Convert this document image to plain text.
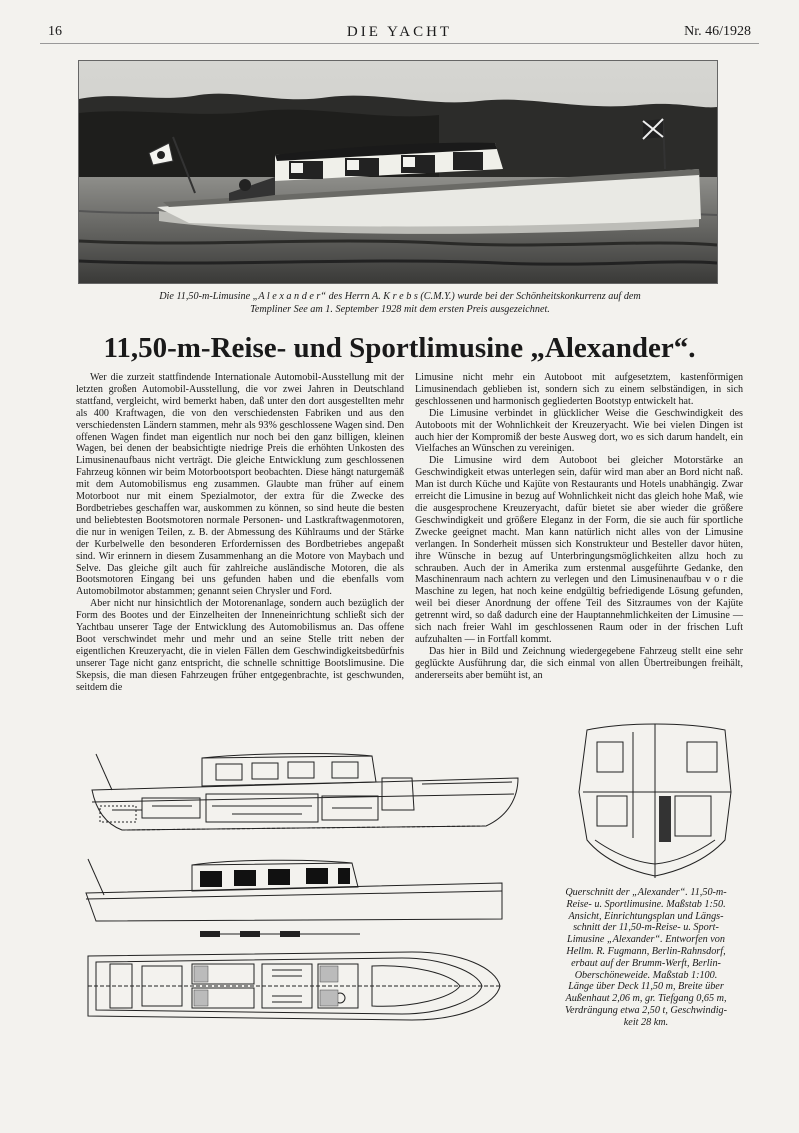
16	DIE YACHT	Nr. 46/1928
Die 11,50-m-Limusine „A l e x a n d e r“ des Herrn A. K r e b s (C.M.Y.) wurde bei der Schönheitskonkurrenz auf dem
Templiner See am 1. September 1928 mit dem ersten Preis ausgezeichnet.
11,50-m-Reise- und Sportlimusine „Alexander“.

Wer die zurzeit stattfindende Internationale Automobil-Ausstellung mit der letzten großen Automobil-Ausstellung, die vor zwei Jahren in Deutschland stattfand, vergleicht, wird bemerkt haben, daß unter den dort ausgestellten mehr als 400 Kraftwagen, die von den verschiedensten Fabriken und aus den verschiedensten Ländern stammen, mehr als 93% geschlossene Wagen sind. Den offenen Wagen findet man eigentlich nur noch bei den ganz billigen, kleinen Wagen, bei denen der beabsichtigte niedrige Preis die erhöhten Unkosten des Limusinenaufbaus nicht verträgt. Die gleiche Entwicklung zum geschlossenen Fahrzeug können wir beim Motorbootsport beobachten. Diese hängt naturgemäß mit dem Automobilismus eng zusammen. Glaubte man früher auf einem Motorboot nur mit einem Spezialmotor, der extra für die Zwecke des Bordbetriebes geschaffen war, auskommen zu können, so sind heute die besten und beliebtesten Bootsmotoren normale Personen- und Lastkraftwagenmotoren, die nur in wenigen Teilen, z. B. der Abmessung des Kühlraums und der Stärke der Kurbelwelle den besonderen Erfordernissen des Bordbetriebes angepaßt sind. Wir erinnern in diesem Zusammenhang an die Motore von Maybach und Selve. Das gleiche gilt auch für zahlreiche ausländische Motoren, die als Bootsmotoren Eingang bei uns gefunden haben und die ebenfalls vom Automobilmotor abstammen; genannt seien Chrysler und Ford.

Aber nicht nur hinsichtlich der Motorenanlage, sondern auch bezüglich der Form des Bootes und der Einzelheiten der Inneneinrichtung schließt sich der Yachtbau unserer Tage der Entwicklung des Automobilismus an. Das offene Boot verschwindet mehr und mehr und an seine Stelle tritt neben der eigentlichen Kreuzeryacht, die in vielen Fällen dem Geschwindigkeitsbedürfnis unserer Tage nicht ganz entspricht, die schnelle schnittige Bootslimusine. Die Skepsis, die man diesen Fahrzeugen früher entgegenbrachte, ist geschwunden, seitdem die

Limusine nicht mehr ein Autoboot mit aufgesetztem, kastenförmigen Limusinendach geblieben ist, sondern sich zu einem selbständigen, in sich geschlossenen und harmonisch gegliederten Bootstyp entwickelt hat.

Die Limusine verbindet in glücklicher Weise die Geschwindigkeit des Autoboots mit der Wohnlichkeit der Kreuzeryacht. Wie bei vielen Dingen ist auch hier der Kompromiß der beste Ausweg dort, wo es sich darum handelt, ein Vielfaches an Wünschen zu vereinigen.

Die Limusine wird dem Autoboot bei gleicher Motorstärke an Geschwindigkeit etwas unterlegen sein, dafür wird man aber an Bord nicht naß. Man ist durch Küche und Kajüte von Restaurants und Hotels unabhängig. Zwar erreicht die Limusine in bezug auf Wohnlichkeit nicht das gleich hohe Maß, wie die ausgesprochene Kreuzeryacht, dafür bietet sie aber wieder die größere Geschwindigkeit und größere Eleganz in der Form, die sie auch für sportliche Zwecke geeignet macht. Man kann natürlich nicht alles von der Limusine verlangen. In Sonderheit müssen sich Konstrukteur und Besteller davor hüten, ihre Wünsche in bezug auf Unterbringungsmöglichkeiten allzu hoch zu schrauben. Auch der in Amerika zum erstenmal ausgeführte Gedanke, den Maschinenraum nach achtern zu verlegen und den Limusinenaufbau v o r die Maschine zu legen, hat noch keine endgültig befriedigende Lösung gefunden, weil bei dieser Anordnung der offene Teil des Sitzraumes von der Kajüte getrennt wird, so daß dadurch eine der Hauptannehmlichkeiten der Limusine — sich nach freier Wahl im geschlossenen Raum oder in der frischen Luft aufzuhalten — in Fortfall kommt.

Das hier in Bild und Zeichnung wiedergegebene Fahrzeug stellt eine sehr geglückte Ausführung dar, die sich einmal von allen Übertreibungen freihält, andererseits aber bemüht ist, an

Querschnitt der „Alexander“. 11,50-m-
Reise- u. Sportlimusine. Maßstab 1:50.
Ansicht, Einrichtungsplan und Längs-
schnitt der 11,50-m-Reise- u. Sport-
Limusine „Alexander“. Entworfen von
Hellm. R. Fugmann, Berlin-Rahnsdorf,
erbaut auf der Brumm-Werft, Berlin-
Oberschöneweide. Maßstab 1:100.
Länge über Deck 11,50 m, Breite über
Außenhaut 2,06 m, gr. Tiefgang 0,65 m,
Verdrängung etwa 2,50 t, Geschwindig-
keit 28 km.
